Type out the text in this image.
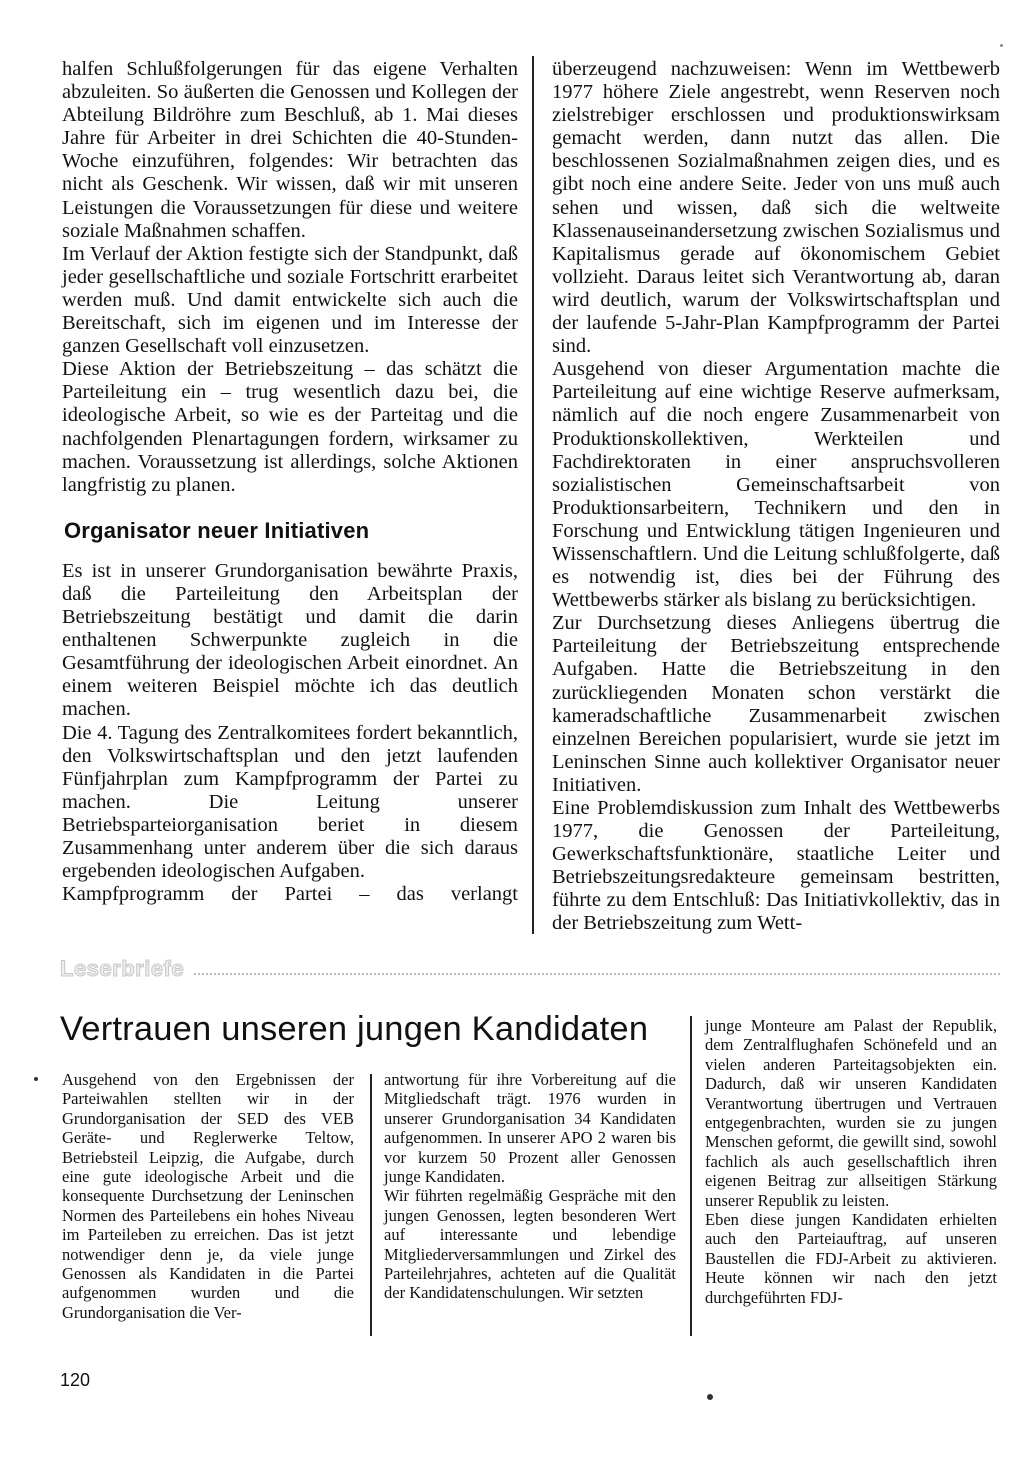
halfen Schlußfolgerungen für das eigene Verhalten abzuleiten. So äußerten die Genossen und Kollegen der Abteilung Bildröhre zum Beschluß, ab 1. Mai dieses Jahre für Arbeiter in drei Schichten die 40-Stunden-Woche einzuführen, folgendes: Wir betrachten das nicht als Geschenk. Wir wissen, daß wir mit unseren Leistungen die Voraussetzungen für diese und weitere soziale Maßnahmen schaffen.

Im Verlauf der Aktion festigte sich der Standpunkt, daß jeder gesellschaftliche und soziale Fortschritt erarbeitet werden muß. Und damit entwickelte sich auch die Bereitschaft, sich im eigenen und im Interesse der ganzen Gesellschaft voll einzusetzen.

Diese Aktion der Betriebszeitung – das schätzt die Parteileitung ein – trug wesentlich dazu bei, die ideologische Arbeit, so wie es der Parteitag und die nachfolgenden Plenartagungen fordern, wirksamer zu machen. Voraussetzung ist allerdings, solche Aktionen langfristig zu planen.

Organisator neuer Initiativen

Es ist in unserer Grundorganisation bewährte Praxis, daß die Parteileitung den Arbeitsplan der Betriebszeitung bestätigt und damit die darin enthaltenen Schwerpunkte zugleich in die Gesamtführung der ideologischen Arbeit einordnet. An einem weiteren Beispiel möchte ich das deutlich machen.

Die 4. Tagung des Zentralkomitees fordert bekanntlich, den Volkswirtschaftsplan und den jetzt laufenden Fünfjahrplan zum Kampfprogramm der Partei zu machen. Die Leitung unserer Betriebsparteiorganisation beriet in diesem Zusammenhang unter anderem über die sich daraus ergebenden ideologischen Aufgaben.

Kampfprogramm der Partei – das verlangt

überzeugend nachzuweisen: Wenn im Wettbewerb 1977 höhere Ziele angestrebt, wenn Reserven noch zielstrebiger erschlossen und produktionswirksam gemacht werden, dann nutzt das allen. Die beschlossenen Sozialmaßnahmen zeigen dies, und es gibt noch eine andere Seite. Jeder von uns muß auch sehen und wissen, daß sich die weltweite Klassenauseinandersetzung zwischen Sozialismus und Kapitalismus gerade auf ökonomischem Gebiet vollzieht. Daraus leitet sich Verantwortung ab, daran wird deutlich, warum der Volkswirtschaftsplan und der laufende 5-Jahr-Plan Kampfprogramm der Partei sind.

Ausgehend von dieser Argumentation machte die Parteileitung auf eine wichtige Reserve aufmerksam, nämlich auf die noch engere Zusammenarbeit von Produktionskollektiven, Werkteilen und Fachdirektoraten in einer anspruchsvolleren sozialistischen Gemeinschaftsarbeit von Produktionsarbeitern, Technikern und den in Forschung und Entwicklung tätigen Ingenieuren und Wissenschaftlern. Und die Leitung schlußfolgerte, daß es notwendig ist, dies bei der Führung des Wettbewerbs stärker als bislang zu berücksichtigen.

Zur Durchsetzung dieses Anliegens übertrug die Parteileitung der Betriebszeitung entsprechende Aufgaben. Hatte die Betriebszeitung in den zurückliegenden Monaten schon verstärkt die kameradschaftliche Zusammenarbeit zwischen einzelnen Bereichen popularisiert, wurde sie jetzt im Leninschen Sinne auch kollektiver Organisator neuer Initiativen.

Eine Problemdiskussion zum Inhalt des Wettbewerbs 1977, die Genossen der Parteileitung, Gewerkschaftsfunktionäre, staatliche Leiter und Betriebszeitungsredakteure gemeinsam bestritten, führte zu dem Entschluß: Das Initiativkollektiv, das in der Betriebszeitung zum Wett-

Leserbriefe
Vertrauen unseren jungen Kandidaten

Ausgehend von den Ergebnissen der Parteiwahlen stellten wir in der Grundorganisation der SED des VEB Geräte- und Reglerwerke Teltow, Betriebsteil Leipzig, die Aufgabe, durch eine gute ideologische Arbeit und die konsequente Durchsetzung der Leninschen Normen des Parteilebens ein hohes Niveau im Parteileben zu erreichen. Das ist jetzt notwendiger denn je, da viele junge Genossen als Kandidaten in die Partei aufgenommen wurden und die Grundorganisation die Ver-

antwortung für ihre Vorbereitung auf die Mitgliedschaft trägt. 1976 wurden in unserer Grundorganisation 34 Kandidaten aufgenommen. In unserer APO 2 waren bis vor kurzem 50 Prozent aller Genossen junge Kandidaten.

Wir führten regelmäßig Gespräche mit den jungen Genossen, legten besonderen Wert auf interessante und lebendige Mitgliederversammlungen und Zirkel des Parteilehrjahres, achteten auf die Qualität der Kandidatenschulungen. Wir setzten

junge Monteure am Palast der Republik, dem Zentralflughafen Schönefeld und an vielen anderen Parteitagsobjekten ein. Dadurch, daß wir unseren Kandidaten Verantwortung übertrugen und Vertrauen entgegenbrachten, wurden sie zu jungen Menschen geformt, die gewillt sind, sowohl fachlich als auch gesellschaftlich ihren eigenen Beitrag zur allseitigen Stärkung unserer Republik zu leisten.

Eben diese jungen Kandidaten erhielten auch den Parteiauftrag, auf unseren Baustellen die FDJ-Arbeit zu aktivieren. Heute können wir nach den jetzt durchgeführten FDJ-

120
